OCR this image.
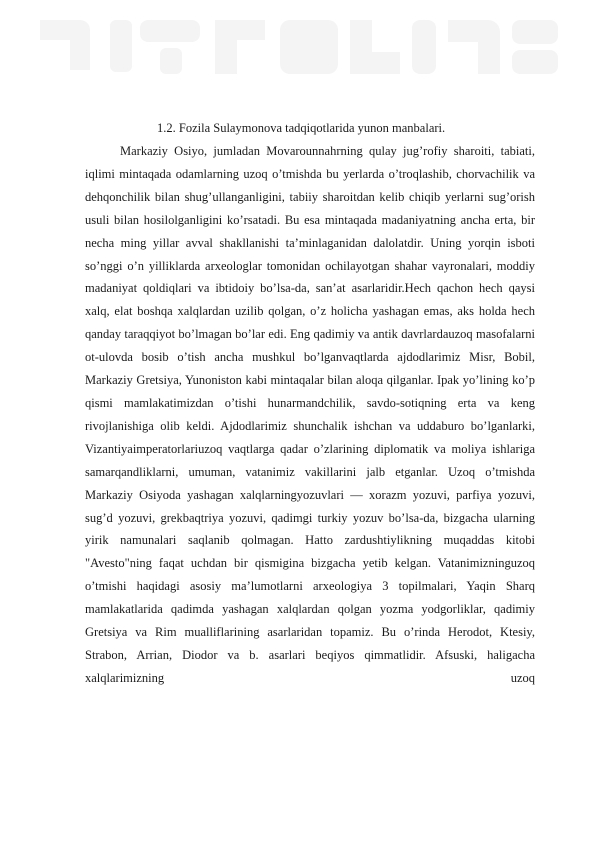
1.2. Fozila Sulaymonova tadqiqotlarida yunon manbalari.

Markaziy Osiyo, jumladan Movarounnahrning qulay jug’rofiy sharoiti, tabiati, iqlimi mintaqada odamlarning uzoq o’tmishda bu yerlarda o’troqlashib, chorvachilik va dehqonchilik bilan shug’ullanganligini, tabiiy sharoitdan kelib chiqib yerlarni sug’orish usuli bilan hosilolganligini ko’rsatadi. Bu esa mintaqada madaniyatning ancha erta, bir necha ming yillar avval shakllanishi ta’minlaganidan dalolatdir. Uning yorqin isboti so’nggi o’n yilliklarda arxeologlar tomonidan ochilayotgan shahar vayronalari, moddiy madaniyat qoldiqlari va ibtidoiy bo’lsa-da, san’at asarlaridir.Hech qachon hech qaysi xalq, elat boshqa xalqlardan uzilib qolgan, o’z holicha yashagan emas, aks holda hech qanday taraqqiyot bo’lmagan bo’lar edi. Eng qadimiy va antik davrlardauzoq masofalarni ot-ulovda bosib o’tish ancha mushkul bo’lganvaqtlarda ajdodlarimiz Misr, Bobil, Markaziy Gretsiya, Yunoniston kabi mintaqalar bilan aloqa qilganlar. Ipak yo’lining ko’p qismi mamlakatimizdan o’tishi hunarmandchilik, savdo-sotiqning erta va keng rivojlanishiga olib keldi. Ajdodlarimiz shunchalik ishchan va uddaburo bo’lganlarki, Vizantiyaimperatorlariuzoq vaqtlarga qadar o’zlarining diplomatik va moliya ishlariga samarqandliklarni, umuman, vatanimiz vakillarini jalb etganlar. Uzoq o’tmishda Markaziy Osiyoda yashagan xalqlarningyozuvlari — xorazm yozuvi, parfiya yozuvi, sug’d yozuvi, grekbaqtriya yozuvi, qadimgi turkiy yozuv bo’lsa-da, bizgacha ularning yirik namunalari saqlanib qolmagan. Hatto zardushtiylikning muqaddas kitobi "Avesto"ning faqat uchdan bir qismigina bizgacha yetib kelgan. Vatanimizninguzoq o’tmishi haqidagi asosiy ma’lumotlarni arxeologiya 3 topilmalari, Yaqin Sharq mamlakatlarida qadimda yashagan xalqlardan qolgan yozma yodgorliklar, qadimiy Gretsiya va Rim mualliflarining asarlaridan topamiz. Bu o’rinda Herodot, Ktesiy, Strabon, Arrian, Diodor va b. asarlari beqiyos qimmatlidir. Afsuski, haligacha xalqlarimizning uzoq
